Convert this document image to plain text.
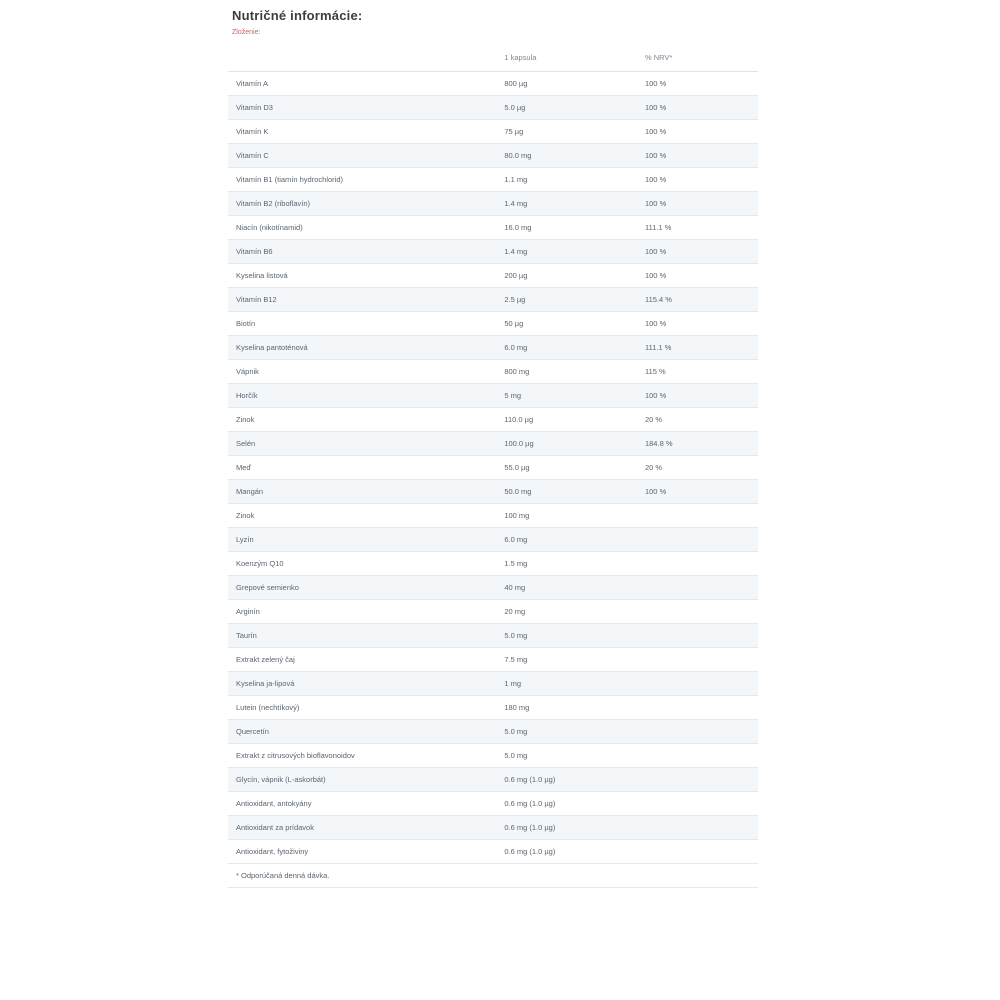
Nutričné informácie:
Zloženie:
	1 kapsula	% NRV*
Vitamín A	800 µg	100 %
Vitamín D3	5.0 µg	100 %
Vitamín K	75 µg	100 %
Vitamín C	80.0 mg	100 %
Vitamín B1 (tiamín hydrochlorid)	1.1 mg	100 %
Vitamín B2 (riboflavín)	1.4 mg	100 %
Niacín (nikotínamid)	16.0 mg	111.1 %
Vitamín B6	1.4 mg	100 %
Kyselina listová	200 µg	100 %
Vitamín B12	2.5 µg	115.4 %
Biotín	50 µg	100 %
Kyselina pantoténová	6.0 mg	111.1 %
Vápnik	800 mg	115 %
Horčík	5 mg	100 %
Zinok	110.0 µg	20 %
Selén	100.0 µg	184.8 %
Meď	55.0 µg	20 %
Mangán	50.0 mg	100 %
Zinok	100 mg	
Lyzín	6.0 mg	
Koenzým Q10	1.5 mg	
Grepové semienko	40 mg	
Arginín	20 mg	
Taurín	5.0 mg	
Extrakt zelený čaj	7.5 mg	
Kyselina ja-lipová	1 mg	
Lutein (nechtíkový)	180 mg	
Quercetín	5.0 mg	
Extrakt z citrusových bioflavonoidov	5.0 mg	
Glycín, vápnik (L-askorbát)	0.6 mg (1.0 µg)	
Antioxidant, antokyány	0.6 mg (1.0 µg)	
Antioxidant za prídavok	0.6 mg (1.0 µg)	
Antioxidant, fytoživiny	0.6 mg (1.0 µg)	
* Odporúčaná denná dávka.		
